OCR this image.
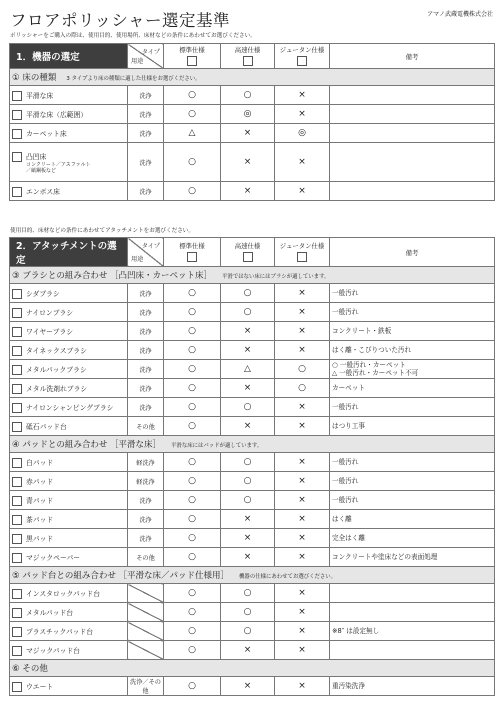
フロアポリッシャー選定基準	アマノ武蔵電機株式会社
ポリッシャーをご購入の際は、使用目的、使用場所、床材などの条件にあわせてお選びください。
1．機器の選定	タイプ
用途	標準仕様	高速仕様	ジュータン仕様	備考
① 床の種類 3 タイプより床の種類に適した仕様をお選びください。					
平滑な床	洗浄	○	○	×	
平滑な床（広範囲）	洗浄	○	◎	×	
カーペット床	洗浄	△	×	◎	
凸凹床
コンクリート／アスファルト
／縞鋼板など	洗浄	○	×	×	
エンボス床	洗浄	○	×	×	
使用目的、床材などの条件にあわせてアタッチメントをお選びください。
2．アタッチメントの選定	タイプ
用途	標準仕様	高速仕様	ジュータン仕様	備考
③ ブラシとの組み合わせ ［凸凹床・カーペット床］ 平滑ではない床にはブラシが適しています。					
シダブラシ	洗浄	○	○	×	一般汚れ

ナイロンブラシ	洗浄	○	○	×	一般汚れ

ワイヤーブラシ	洗浄	○	×	×	コンクリート・鉄板

タイネックスブラシ	洗浄	○	×	×	はく離・こびりついた汚れ

メタルパックブラシ	洗浄	○	△	○	○ 一般汚れ・カーペット
△ 一般汚れ・カーペット不可

メタル洗剤れブラシ	洗浄	○	×	○	カーペット

ナイロンシャンピングブラシ	洗浄	○	○	×	一般汚れ

砥石パッド台	その他	○	×	×	はつり工事

④ パッドとの組み合わせ ［平滑な床］ 平滑な床にはパッドが適しています。					
白パッド	軽洗浄	○	○	×	一般汚れ

赤パッド	軽洗浄	○	○	×	一般汚れ

青パッド	洗浄	○	○	×	一般汚れ

茶パッド	洗浄	○	×	×	はく離

黒パッド	洗浄	○	×	×	完全はく離

マジックペーパー	その他	○	×	×	コンクリートや塗床などの表面処理

⑤ パッド台との組み合わせ ［平滑な床／パッド仕様用］ 機器の仕様にあわせてお選びください。					
インスタロックパッド台		○	○	×	

メタルパッド台		○	○	×	

プラスチックパッド台		○	○	×	※8″ は設定無し

マジックパッド台		○	×	×	

⑥ その他					
ウエート	洗浄／その他	○	×	×	重汚染洗浄
